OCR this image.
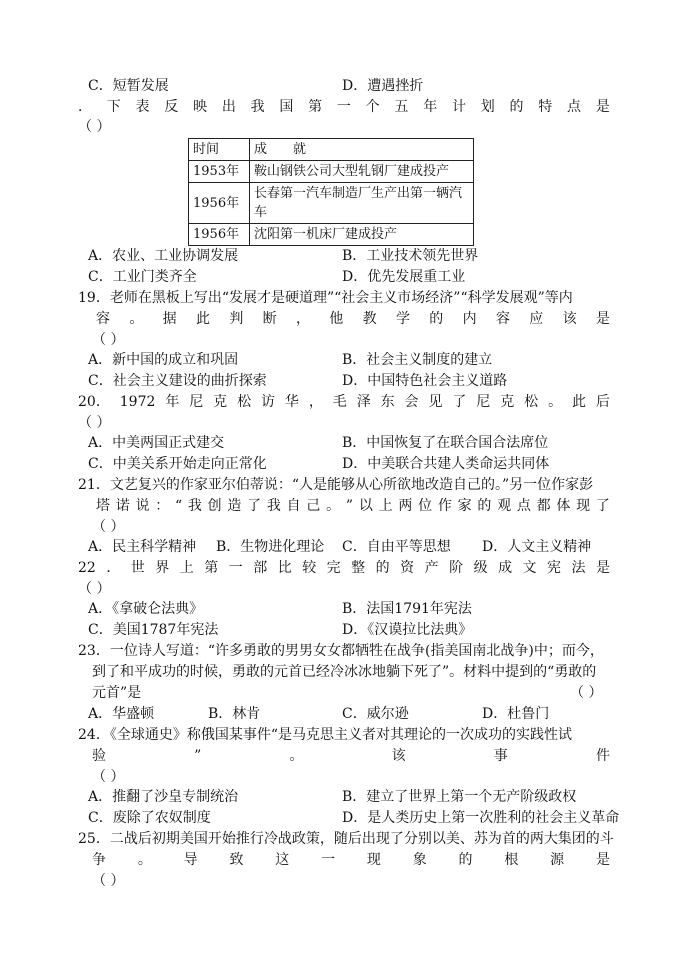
C．短暂发展	D．遭遇挫折
． 下 表 反 映 出 我 国 第 一 个 五 年 计 划 的 特 点 是
（ ）
时间	成　　就
1953年	鞍山钢铁公司大型轧钢厂建成投产
1956年	长春第一汽车制造厂生产出第一辆汽车
1956年	沈阳第一机床厂建成投产
A．农业、工业协调发展	B．工业技术领先世界
C．工业门类齐全	D．优先发展重工业
19．老师在黑板上写出“发展才是硬道理”“社会主义市场经济”“科学发展观”等内
容 。 据 此 判 断 ， 他 教 学 的 内 容 应 该 是
（ ）
A．新中国的成立和巩固	B．社会主义制度的建立
C．社会主义建设的曲折探索	D．中国特色社会主义道路
20． 1972 年 尼 克 松 访 华 ， 毛 泽 东 会 见 了 尼 克 松 。 此 后
（ ）
A．中美两国正式建交	B．中国恢复了在联合国合法席位
C．中美关系开始走向正常化	D．中美联合共建人类命运共同体
21．文艺复兴的作家亚尔伯蒂说：“人是能够从心所欲地改造自己的。”另一位作家彭
塔 诺 说 ： “ 我 创 造 了 我 自 己 。 ” 以 上 两 位 作 家 的 观 点 都 体 现 了
（ ）
A．民主科学精神 B．生物进化理论 C．自由平等思想 D．人文主义精神
22 ． 世 界 上 第 一 部 比 较 完 整 的 资 产 阶 级 成 文 宪 法 是
（ ）
A．《拿破仑法典》	B．法国1791年宪法
C．美国1787年宪法	D．《汉谟拉比法典》
23．一位诗人写道：“许多勇敢的男男女女都牺牲在战争(指美国南北战争)中；而今，
到了和平成功的时候，勇敢的元首已经冷冰冰地躺下死了”。材料中提到的“勇敢的
元首”是	（ ）
A．华盛顿	B．林肯	C．威尔逊	D．杜鲁门
24．《全球通史》称俄国某事件“是马克思主义者对其理论的一次成功的实践性试
验	”	。	该	事	件
（ ）
A．推翻了沙皇专制统治	B．建立了世界上第一个无产阶级政权
C．废除了农奴制度	D．是人类历史上第一次胜利的社会主义革命
25．二战后初期美国开始推行冷战政策，随后出现了分别以美、苏为首的两大集团的斗
争 。 导 致 这 一 现 象 的 根 源 是
（ ）
